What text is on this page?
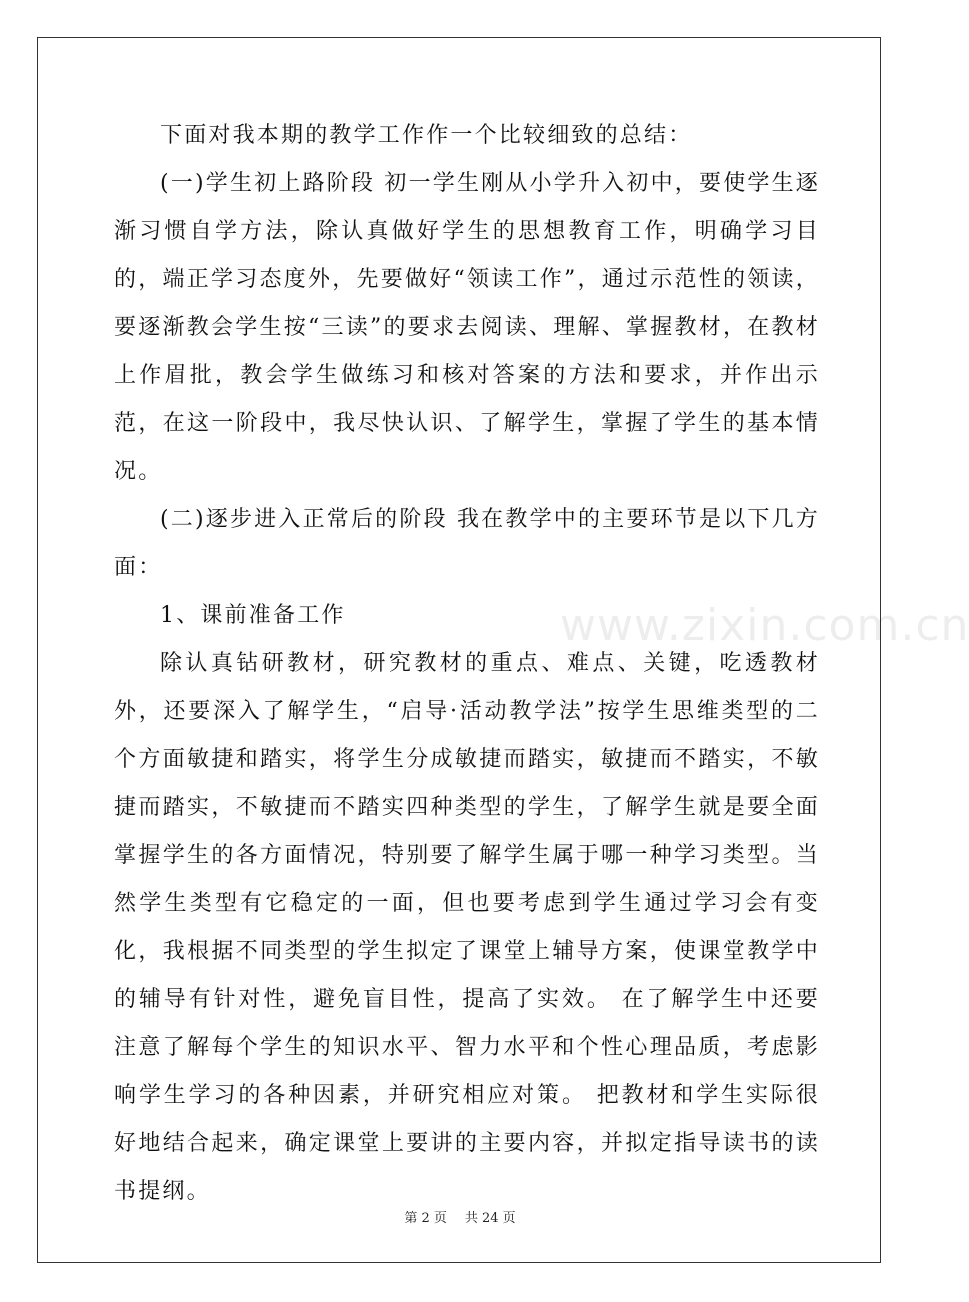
下面对我本期的教学工作作一个比较细致的总结：

(一)学生初上路阶段 初一学生刚从小学升入初中，要使学生逐渐习惯自学方法，除认真做好学生的思想教育工作，明确学习目的，端正学习态度外，先要做好“领读工作”，通过示范性的领读，要逐渐教会学生按“三读”的要求去阅读、理解、掌握教材，在教材上作眉批，教会学生做练习和核对答案的方法和要求，并作出示范，在这一阶段中，我尽快认识、了解学生，掌握了学生的基本情况。

(二)逐步进入正常后的阶段 我在教学中的主要环节是以下几方面：

1、课前准备工作

除认真钻研教材，研究教材的重点、难点、关键，吃透教材外，还要深入了解学生，“启导·活动教学法”按学生思维类型的二个方面敏捷和踏实，将学生分成敏捷而踏实，敏捷而不踏实，不敏捷而踏实，不敏捷而不踏实四种类型的学生，了解学生就是要全面掌握学生的各方面情况，特别要了解学生属于哪一种学习类型。当然学生类型有它稳定的一面，但也要考虑到学生通过学习会有变化，我根据不同类型的学生拟定了课堂上辅导方案，使课堂教学中的辅导有针对性，避免盲目性，提高了实效。 在了解学生中还要注意了解每个学生的知识水平、智力水平和个性心理品质，考虑影响学生学习的各种因素，并研究相应对策。 把教材和学生实际很好地结合起来，确定课堂上要讲的主要内容，并拟定指导读书的读书提纲。

www.zixin.com.cn
第 2 页 共 24 页
